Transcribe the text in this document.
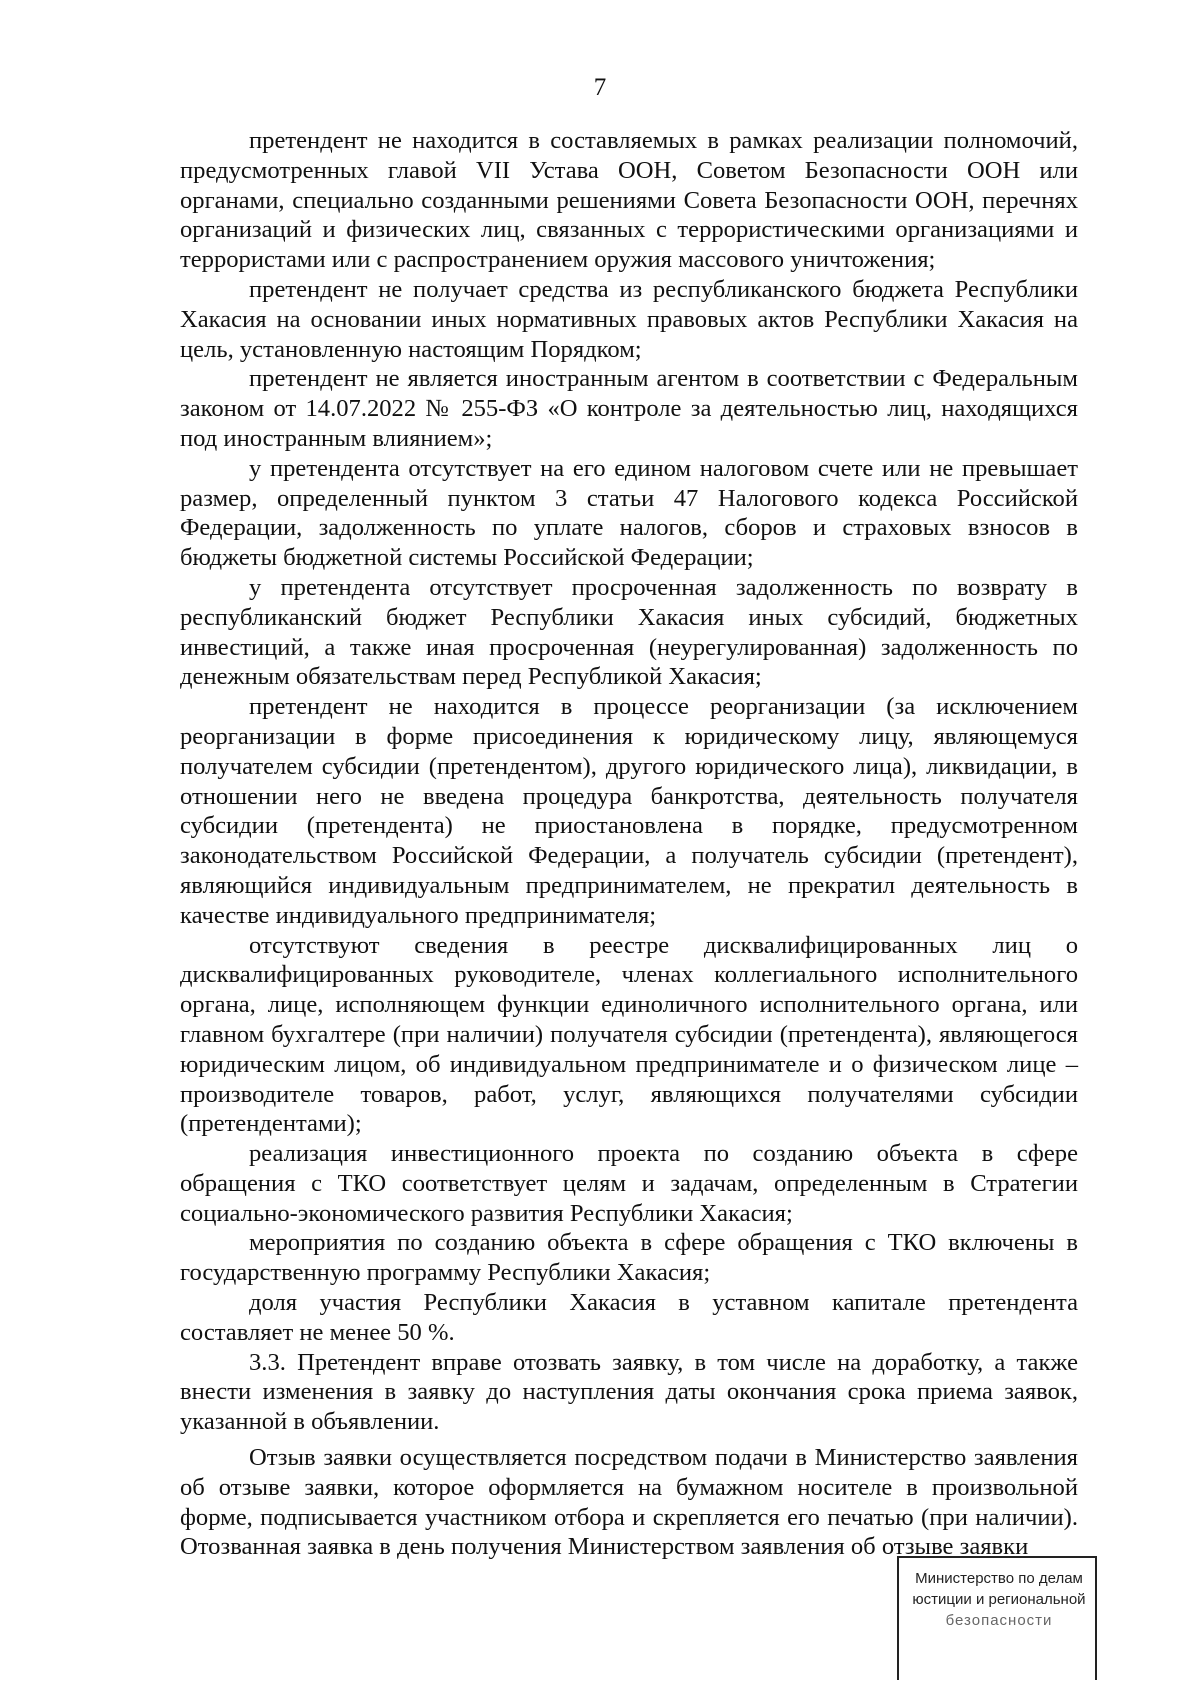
7

претендент не находится в составляемых в рамках реализации полномочий, предусмотренных главой VII Устава ООН, Советом Безопасности ООН или органами, специально созданными решениями Совета Безопасности ООН, перечнях организаций и физических лиц, связанных с террористическими организациями и террористами или с распространением оружия массового уничтожения;

претендент не получает средства из республиканского бюджета Республики Хакасия на основании иных нормативных правовых актов Республики Хакасия на цель, установленную настоящим Порядком;

претендент не является иностранным агентом в соответствии с Федеральным законом от 14.07.2022 № 255-ФЗ «О контроле за деятельностью лиц, находящихся под иностранным влиянием»;

у претендента отсутствует на его едином налоговом счете или не превышает размер, определенный пунктом 3 статьи 47 Налогового кодекса Российской Федерации, задолженность по уплате налогов, сборов и страховых взносов в бюджеты бюджетной системы Российской Федерации;

у претендента отсутствует просроченная задолженность по возврату в республиканский бюджет Республики Хакасия иных субсидий, бюджетных инвестиций, а также иная просроченная (неурегулированная) задолженность по денежным обязательствам перед Республикой Хакасия;

претендент не находится в процессе реорганизации (за исключением реорганизации в форме присоединения к юридическому лицу, являющемуся получателем субсидии (претендентом), другого юридического лица), ликвидации, в отношении него не введена процедура банкротства, деятельность получателя субсидии (претендента) не приостановлена в порядке, предусмотренном законодательством Российской Федерации, а получатель субсидии (претендент), являющийся индивидуальным предпринимателем, не прекратил деятельность в качестве индивидуального предпринимателя;

отсутствуют сведения в реестре дисквалифицированных лиц о дисквалифицированных руководителе, членах коллегиального исполнительного органа, лице, исполняющем функции единоличного исполнительного органа, или главном бухгалтере (при наличии) получателя субсидии (претендента), являющегося юридическим лицом, об индивидуальном предпринимателе и о физическом лице – производителе товаров, работ, услуг, являющихся получателями субсидии (претендентами);

реализация инвестиционного проекта по созданию объекта в сфере обращения с ТКО соответствует целям и задачам, определенным в Стратегии социально-экономического развития Республики Хакасия;

мероприятия по созданию объекта в сфере обращения с ТКО включены в государственную программу Республики Хакасия;

доля участия Республики Хакасия в уставном капитале претендента составляет не менее 50 %.

3.3. Претендент вправе отозвать заявку, в том числе на доработку, а также внести изменения в заявку до наступления даты окончания срока приема заявок, указанной в объявлении.

Отзыв заявки осуществляется посредством подачи в Министерство заявления об отзыве заявки, которое оформляется на бумажном носителе в произвольной форме, подписывается участником отбора и скрепляется его печатью (при наличии). Отозванная заявка в день получения Министерством заявления об отзыве заявки

Министерство по делам
юстиции и региональной
безопасности
